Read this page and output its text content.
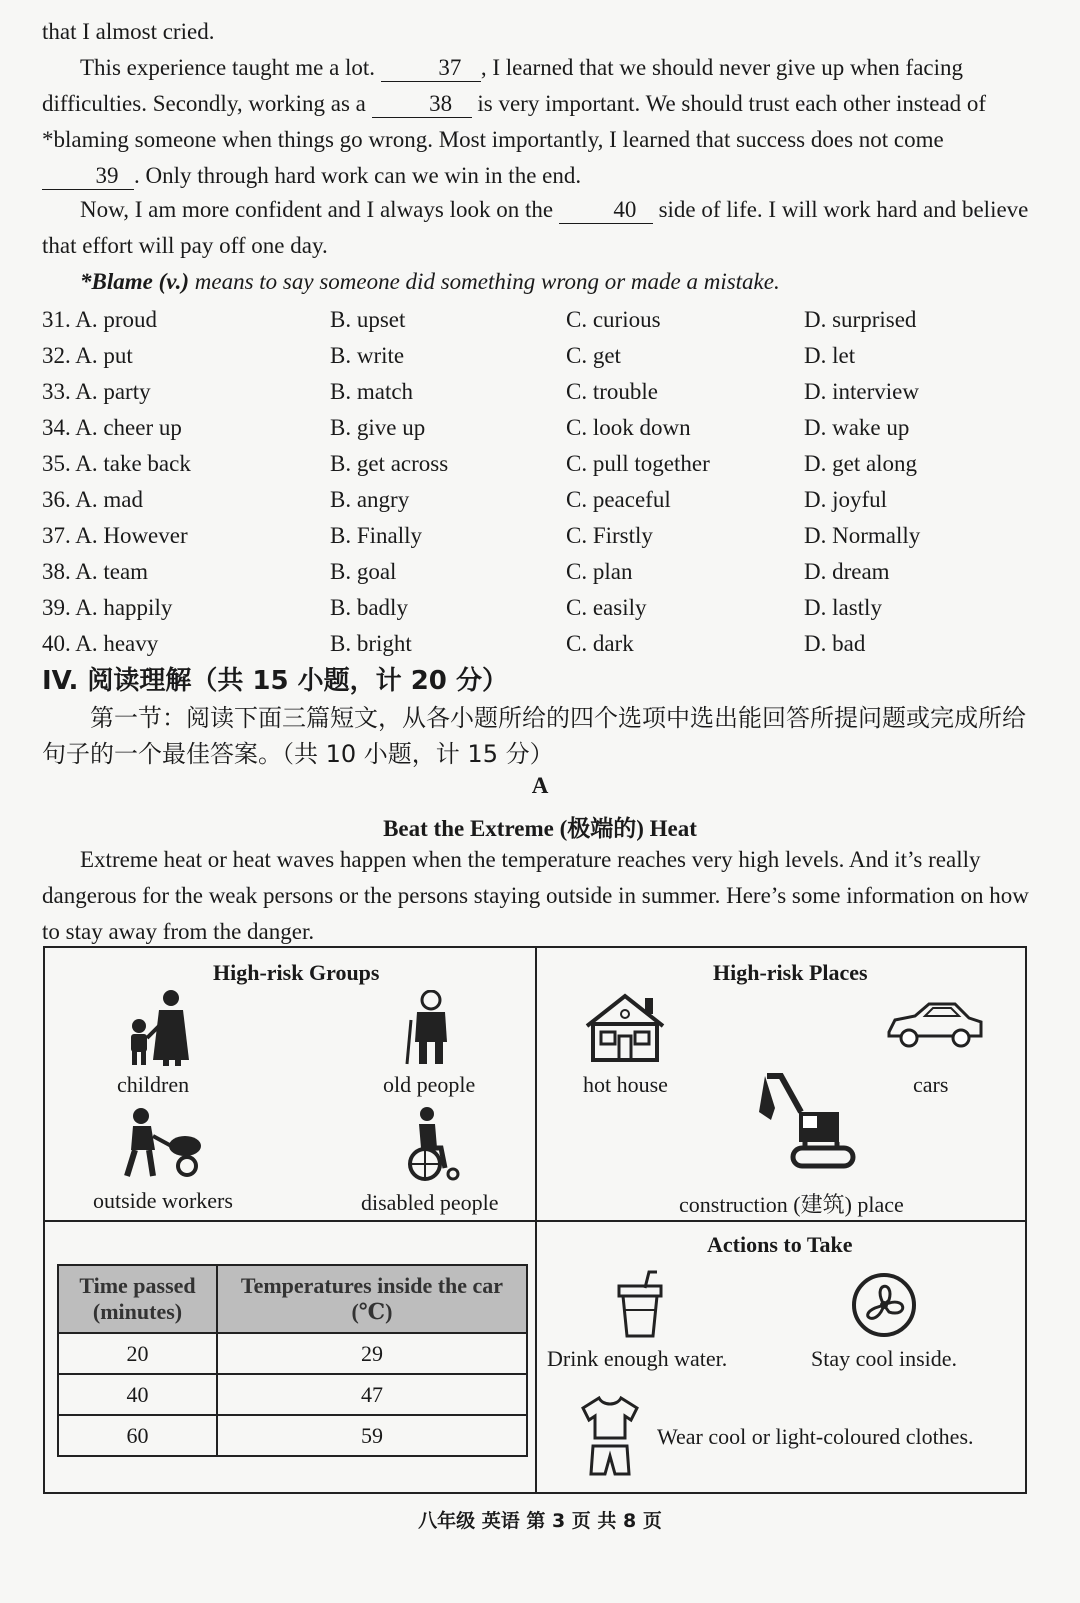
that I almost cried.

This experience taught me a lot.	37 , I learned that we should never give up when facing difficulties. Secondly, working as a	38 is very important. We should trust each other instead of *blaming someone when things go wrong. Most importantly, I learned that success does not come 39 . Only through hard work can we win in the end.

Now, I am more confident and I always look on the	40 side of life. I will work hard and believe that effort will pay off one day.

*Blame (v.) means to say someone did something wrong or made a mistake.

31. A. proud	B. upset	C. curious	D. surprised
32. A. put	B. write	C. get	D. let
33. A. party	B. match	C. trouble	D. interview
34. A. cheer up	B. give up	C. look down	D. wake up
35. A. take back	B. get across	C. pull together	D. get along
36. A. mad	B. angry	C. peaceful	D. joyful
37. A. However	B. Finally	C. Firstly	D. Normally
38. A. team	B. goal	C. plan	D. dream
39. A. happily	B. badly	C. easily	D. lastly
40. A. heavy	B. bright	C. dark	D. bad
IV. 阅读理解（共 15 小题，计 20 分）
第一节：阅读下面三篇短文，从各小题所给的四个选项中选出能回答所提问题或完成所给句子的一个最佳答案。（共 10 小题，计 15 分）
A
Beat the Extreme (极端的) Heat

Extreme heat or heat waves happen when the temperature reaches very high levels. And it’s really dangerous for the weak persons or the persons staying outside in summer. Here’s some information on how to stay away from the danger.

High-risk Groups
children	old people
outside workers	disabled people
High-risk Places
hot house	cars
construction (建筑) place
Time passed (minutes)	Temperatures inside the car (℃)
20	29
40	47
60	59
Actions to Take
Drink enough water.	Stay cool inside.
Wear cool or light-coloured clothes.
八年级 英语 第 3 页 共 8 页
